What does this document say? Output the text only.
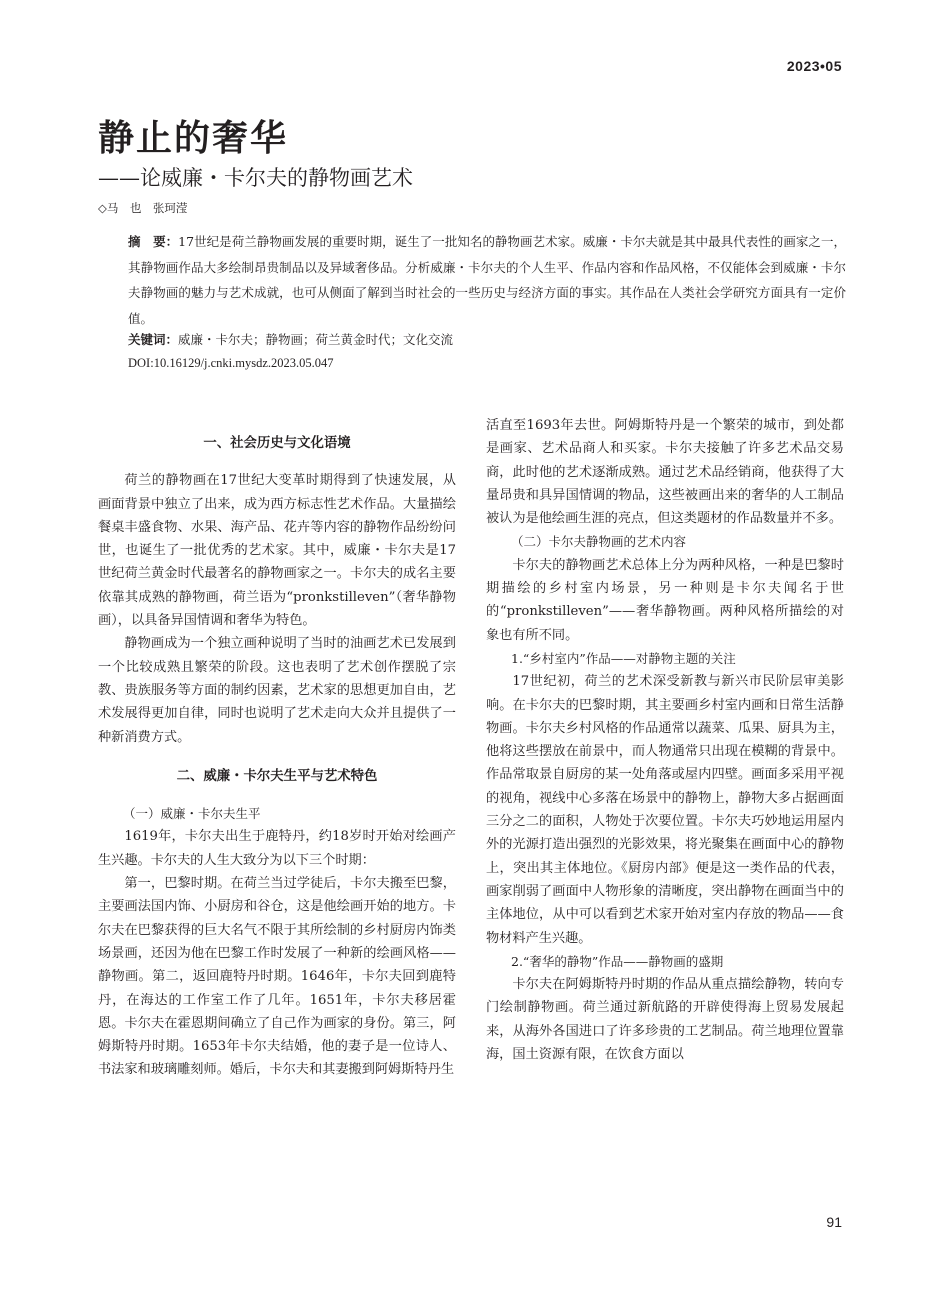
2023•05
静止的奢华
——论威廉・卡尔夫的静物画艺术
◇马　也　张珂滢

摘　要：17世纪是荷兰静物画发展的重要时期，诞生了一批知名的静物画艺术家。威廉・卡尔夫就是其中最具代表性的画家之一，其静物画作品大多绘制昂贵制品以及异域奢侈品。分析威廉・卡尔夫的个人生平、作品内容和作品风格，不仅能体会到威廉・卡尔夫静物画的魅力与艺术成就，也可从侧面了解到当时社会的一些历史与经济方面的事实。其作品在人类社会学研究方面具有一定价值。

关键词：威廉・卡尔夫；静物画；荷兰黄金时代；文化交流
DOI:10.16129/j.cnki.mysdz.2023.05.047
一、社会历史与文化语境

荷兰的静物画在17世纪大变革时期得到了快速发展，从画面背景中独立了出来，成为西方标志性艺术作品。大量描绘餐桌丰盛食物、水果、海产品、花卉等内容的静物作品纷纷问世，也诞生了一批优秀的艺术家。其中，威廉・卡尔夫是17世纪荷兰黄金时代最著名的静物画家之一。卡尔夫的成名主要依靠其成熟的静物画，荷兰语为“pronkstilleven”（奢华静物画），以具备异国情调和奢华为特色。

静物画成为一个独立画种说明了当时的油画艺术已发展到一个比较成熟且繁荣的阶段。这也表明了艺术创作摆脱了宗教、贵族服务等方面的制约因素，艺术家的思想更加自由，艺术发展得更加自律，同时也说明了艺术走向大众并且提供了一种新消费方式。

二、威廉・卡尔夫生平与艺术特色

（一）威廉・卡尔夫生平

1619年，卡尔夫出生于鹿特丹，约18岁时开始对绘画产生兴趣。卡尔夫的人生大致分为以下三个时期：

第一，巴黎时期。在荷兰当过学徒后，卡尔夫搬至巴黎，主要画法国内饰、小厨房和谷仓，这是他绘画开始的地方。卡尔夫在巴黎获得的巨大名气不限于其所绘制的乡村厨房内饰类场景画，还因为他在巴黎工作时发展了一种新的绘画风格——静物画。第二，返回鹿特丹时期。1646年，卡尔夫回到鹿特丹，在海达的工作室工作了几年。1651年，卡尔夫移居霍恩。卡尔夫在霍恩期间确立了自己作为画家的身份。第三，阿姆斯特丹时期。1653年卡尔夫结婚，他的妻子是一位诗人、书法家和玻璃雕刻师。婚后，卡尔夫和其妻搬到阿姆斯特丹生

活直至1693年去世。阿姆斯特丹是一个繁荣的城市，到处都是画家、艺术品商人和买家。卡尔夫接触了许多艺术品交易商，此时他的艺术逐渐成熟。通过艺术品经销商，他获得了大量昂贵和具异国情调的物品，这些被画出来的奢华的人工制品被认为是他绘画生涯的亮点，但这类题材的作品数量并不多。

（二）卡尔夫静物画的艺术内容

卡尔夫的静物画艺术总体上分为两种风格，一种是巴黎时期描绘的乡村室内场景，另一种则是卡尔夫闻名于世的“pronkstilleven”——奢华静物画。两种风格所描绘的对象也有所不同。

1.“乡村室内”作品——对静物主题的关注

17世纪初，荷兰的艺术深受新教与新兴市民阶层审美影响。在卡尔夫的巴黎时期，其主要画乡村室内画和日常生活静物画。卡尔夫乡村风格的作品通常以蔬菜、瓜果、厨具为主，他将这些摆放在前景中，而人物通常只出现在模糊的背景中。作品常取景自厨房的某一处角落或屋内四壁。画面多采用平视的视角，视线中心多落在场景中的静物上，静物大多占据画面三分之二的面积，人物处于次要位置。卡尔夫巧妙地运用屋内外的光源打造出强烈的光影效果，将光聚集在画面中心的静物上，突出其主体地位。《厨房内部》便是这一类作品的代表，画家削弱了画面中人物形象的清晰度，突出静物在画面当中的主体地位，从中可以看到艺术家开始对室内存放的物品——食物材料产生兴趣。

2.“奢华的静物”作品——静物画的盛期

卡尔夫在阿姆斯特丹时期的作品从重点描绘静物，转向专门绘制静物画。荷兰通过新航路的开辟使得海上贸易发展起来，从海外各国进口了许多珍贵的工艺制品。荷兰地理位置靠海，国土资源有限，在饮食方面以

91
